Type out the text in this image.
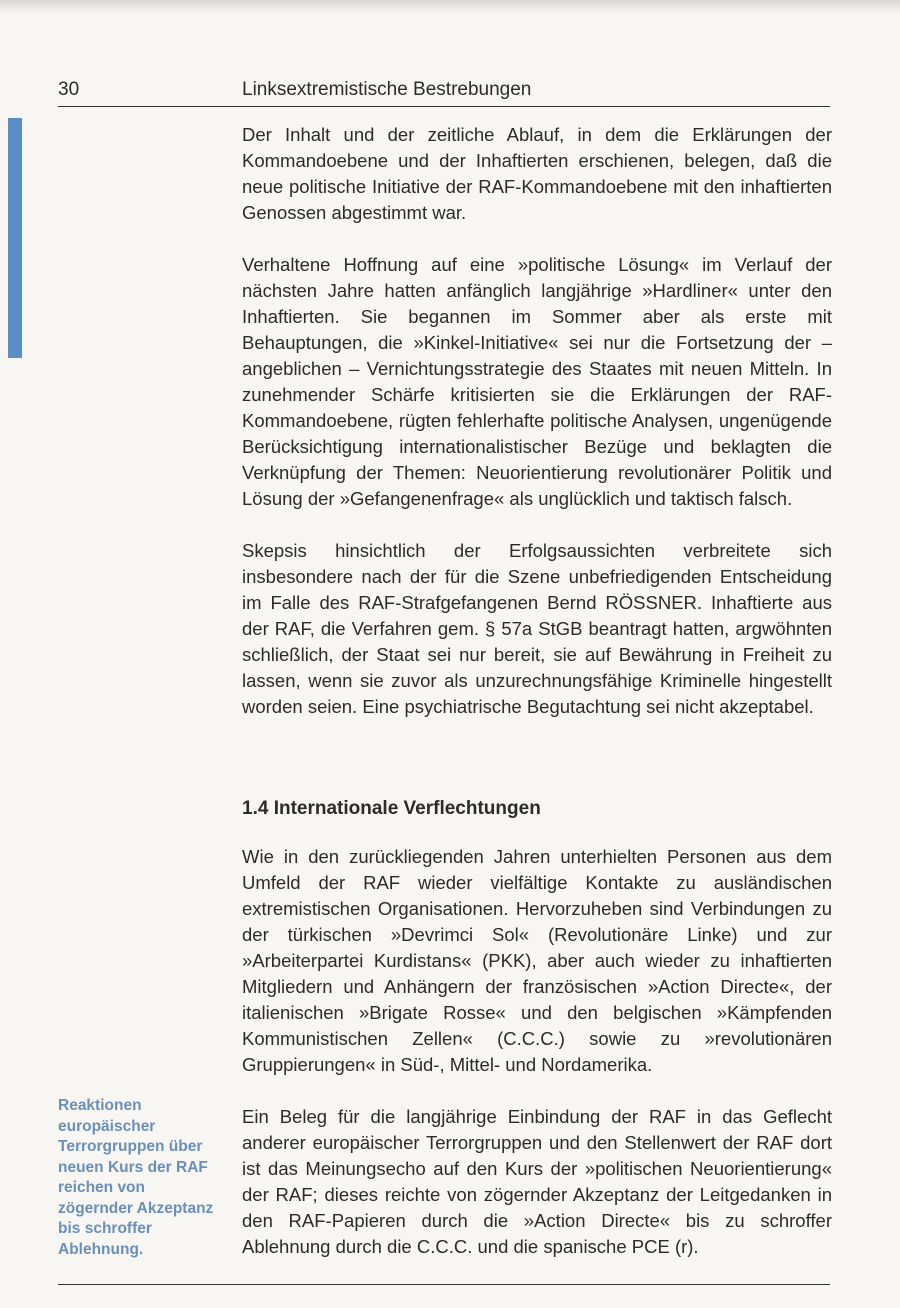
30	Linksextremistische Bestrebungen

Der Inhalt und der zeitliche Ablauf, in dem die Erklärungen der Kommandoebene und der Inhaftierten erschienen, belegen, daß die neue politische Initiative der RAF-Kommandoebene mit den inhaftierten Genossen abgestimmt war.

Verhaltene Hoffnung auf eine »politische Lösung« im Verlauf der nächsten Jahre hatten anfänglich langjährige »Hardliner« unter den Inhaftierten. Sie begannen im Sommer aber als erste mit Behauptungen, die »Kinkel-Initiative« sei nur die Fortsetzung der – angeblichen – Vernichtungsstrategie des Staates mit neuen Mitteln. In zunehmender Schärfe kritisierten sie die Erklärungen der RAF-Kommandoebene, rügten fehlerhafte politische Analysen, ungenügende Berücksichtigung internationalistischer Bezüge und beklagten die Verknüpfung der Themen: Neuorientierung revolutionärer Politik und Lösung der »Gefangenenfrage« als unglücklich und taktisch falsch.

Skepsis hinsichtlich der Erfolgsaussichten verbreitete sich insbesondere nach der für die Szene unbefriedigenden Entscheidung im Falle des RAF-Strafgefangenen Bernd RÖSSNER. Inhaftierte aus der RAF, die Verfahren gem. § 57a StGB beantragt hatten, argwöhnten schließlich, der Staat sei nur bereit, sie auf Bewährung in Freiheit zu lassen, wenn sie zuvor als unzurechnungsfähige Kriminelle hingestellt worden seien. Eine psychiatrische Begutachtung sei nicht akzeptabel.

1.4 Internationale Verflechtungen

Wie in den zurückliegenden Jahren unterhielten Personen aus dem Umfeld der RAF wieder vielfältige Kontakte zu ausländischen extremistischen Organisationen. Hervorzuheben sind Verbindungen zu der türkischen »Devrimci Sol« (Revolutionäre Linke) und zur »Arbeiterpartei Kurdistans« (PKK), aber auch wieder zu inhaftierten Mitgliedern und Anhängern der französischen »Action Directe«, der italienischen »Brigate Rosse« und den belgischen »Kämpfenden Kommunistischen Zellen« (C.C.C.) sowie zu »revolutionären Gruppierungen« in Süd-, Mittel- und Nordamerika.

Ein Beleg für die langjährige Einbindung der RAF in das Geflecht anderer europäischer Terrorgruppen und den Stellenwert der RAF dort ist das Meinungsecho auf den Kurs der »politischen Neuorientierung« der RAF; dieses reichte von zögernder Akzeptanz der Leitgedanken in den RAF-Papieren durch die »Action Directe« bis zu schroffer Ablehnung durch die C.C.C. und die spanische PCE (r).

Reaktionen europäischer Terrorgruppen über neuen Kurs der RAF reichen von zögernder Akzeptanz bis schroffer Ablehnung.
